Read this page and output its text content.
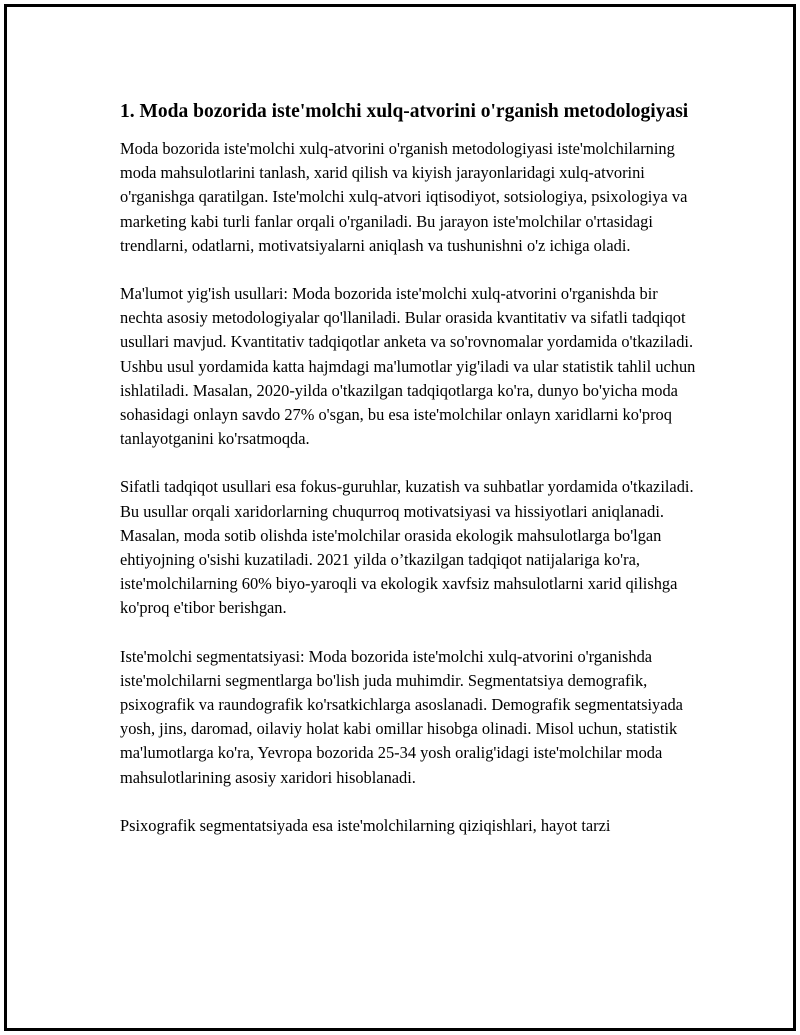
1. Moda bozorida iste'molchi xulq-atvorini o'rganish metodologiyasi

Moda bozorida iste'molchi xulq-atvorini o'rganish metodologiyasi iste'molchilarning moda mahsulotlarini tanlash, xarid qilish va kiyish jarayonlaridagi xulq-atvorini o'rganishga qaratilgan. Iste'molchi xulq-atvori iqtisodiyot, sotsiologiya, psixologiya va marketing kabi turli fanlar orqali o'rganiladi. Bu jarayon iste'molchilar o'rtasidagi trendlarni, odatlarni, motivatsiyalarni aniqlash va tushunishni o'z ichiga oladi.

Ma'lumot yig'ish usullari: Moda bozorida iste'molchi xulq-atvorini o'rganishda bir nechta asosiy metodologiyalar qo'llaniladi. Bular orasida kvantitativ va sifatli tadqiqot usullari mavjud. Kvantitativ tadqiqotlar anketa va so'rovnomalar yordamida o'tkaziladi. Ushbu usul yordamida katta hajmdagi ma'lumotlar yig'iladi va ular statistik tahlil uchun ishlatiladi. Masalan, 2020-yilda o'tkazilgan tadqiqotlarga ko'ra, dunyo bo'yicha moda sohasidagi onlayn savdo 27% o'sgan, bu esa iste'molchilar onlayn xaridlarni ko'proq tanlayotganini ko'rsatmoqda.

Sifatli tadqiqot usullari esa fokus-guruhlar, kuzatish va suhbatlar yordamida o'tkaziladi. Bu usullar orqali xaridorlarning chuqurroq motivatsiyasi va hissiyotlari aniqlanadi. Masalan, moda sotib olishda iste'molchilar orasida ekologik mahsulotlarga bo'lgan ehtiyojning o'sishi kuzatiladi. 2021 yilda o’tkazilgan tadqiqot natijalariga ko'ra, iste'molchilarning 60% biyo-yaroqli va ekologik xavfsiz mahsulotlarni xarid qilishga ko'proq e'tibor berishgan.

Iste'molchi segmentatsiyasi: Moda bozorida iste'molchi xulq-atvorini o'rganishda iste'molchilarni segmentlarga bo'lish juda muhimdir. Segmentatsiya demografik, psixografik va raundografik ko'rsatkichlarga asoslanadi. Demografik segmentatsiyada yosh, jins, daromad, oilaviy holat kabi omillar hisobga olinadi. Misol uchun, statistik ma'lumotlarga ko'ra, Yevropa bozorida 25-34 yosh oralig'idagi iste'molchilar moda mahsulotlarining asosiy xaridori hisoblanadi.

Psixografik segmentatsiyada esa iste'molchilarning qiziqishlari, hayot tarzi
